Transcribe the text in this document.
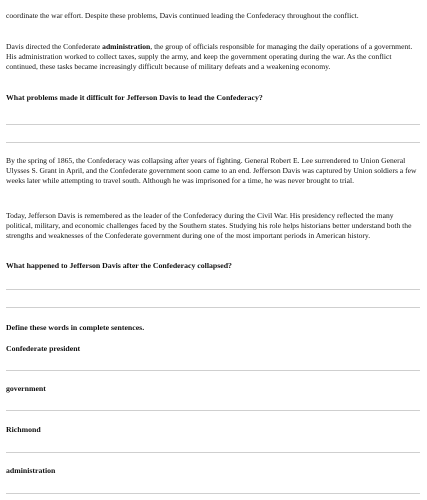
coordinate the war effort. Despite these problems, Davis continued leading the Confederacy throughout the conflict.

Davis directed the Confederate administration, the group of officials responsible for managing the daily operations of a government. His administration worked to collect taxes, supply the army, and keep the government operating during the war. As the conflict continued, these tasks became increasingly difficult because of military defeats and a weakening economy.

What problems made it difficult for Jefferson Davis to lead the Confederacy?

By the spring of 1865, the Confederacy was collapsing after years of fighting. General Robert E. Lee surrendered to Union General Ulysses S. Grant in April, and the Confederate government soon came to an end. Jefferson Davis was captured by Union soldiers a few weeks later while attempting to travel south. Although he was imprisoned for a time, he was never brought to trial.

Today, Jefferson Davis is remembered as the leader of the Confederacy during the Civil War. His presidency reflected the many political, military, and economic challenges faced by the Southern states. Studying his role helps historians better understand both the strengths and weaknesses of the Confederate government during one of the most important periods in American history.

What happened to Jefferson Davis after the Confederacy collapsed?

Define these words in complete sentences.

Confederate president

government

Richmond

administration
